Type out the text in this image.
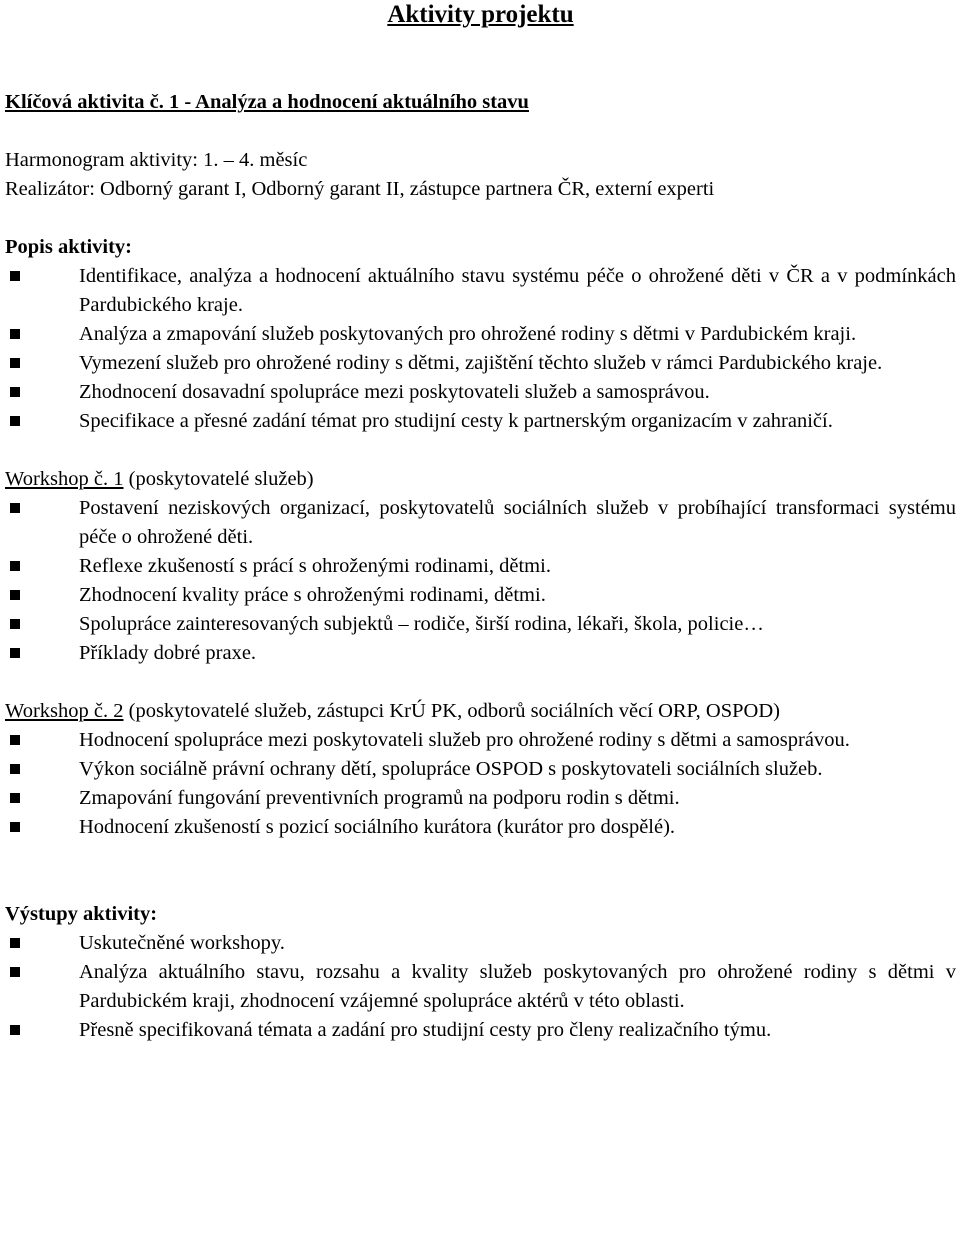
Aktivity projektu
Klíčová aktivita č. 1 - Analýza a hodnocení aktuálního stavu
Harmonogram aktivity: 1. – 4. měsíc
Realizátor: Odborný garant I, Odborný garant II, zástupce partnera ČR, externí experti
Popis aktivity:
Identifikace, analýza a hodnocení aktuálního stavu systému péče o ohrožené děti v ČR a v podmínkách Pardubického kraje.
Analýza a zmapování služeb poskytovaných pro ohrožené rodiny s dětmi v Pardubickém kraji.
Vymezení služeb pro ohrožené rodiny s dětmi, zajištění těchto služeb v rámci Pardubického kraje.
Zhodnocení dosavadní spolupráce mezi poskytovateli služeb a samosprávou.
Specifikace a přesné zadání témat pro studijní cesty k partnerským organizacím v zahraničí.
Workshop č. 1 (poskytovatelé služeb)
Postavení neziskových organizací, poskytovatelů sociálních služeb v probíhající transformaci systému péče o ohrožené děti.
Reflexe zkušeností s prácí s ohroženými rodinami, dětmi.
Zhodnocení kvality práce s ohroženými rodinami, dětmi.
Spolupráce zainteresovaných subjektů – rodiče, širší rodina, lékaři, škola, policie…
Příklady dobré praxe.
Workshop č. 2 (poskytovatelé služeb, zástupci KrÚ PK, odborů sociálních věcí ORP, OSPOD)
Hodnocení spolupráce mezi poskytovateli služeb pro ohrožené rodiny s dětmi a samosprávou.
Výkon sociálně právní ochrany dětí, spolupráce OSPOD s poskytovateli sociálních služeb.
Zmapování fungování preventivních programů na podporu rodin s dětmi.
Hodnocení zkušeností s pozicí sociálního kurátora (kurátor pro dospělé).
Výstupy aktivity:
Uskutečněné workshopy.
Analýza aktuálního stavu, rozsahu a kvality služeb poskytovaných pro ohrožené rodiny s dětmi v Pardubickém kraji, zhodnocení vzájemné spolupráce aktérů v této oblasti.
Přesně specifikovaná témata a zadání pro studijní cesty pro členy realizačního týmu.
